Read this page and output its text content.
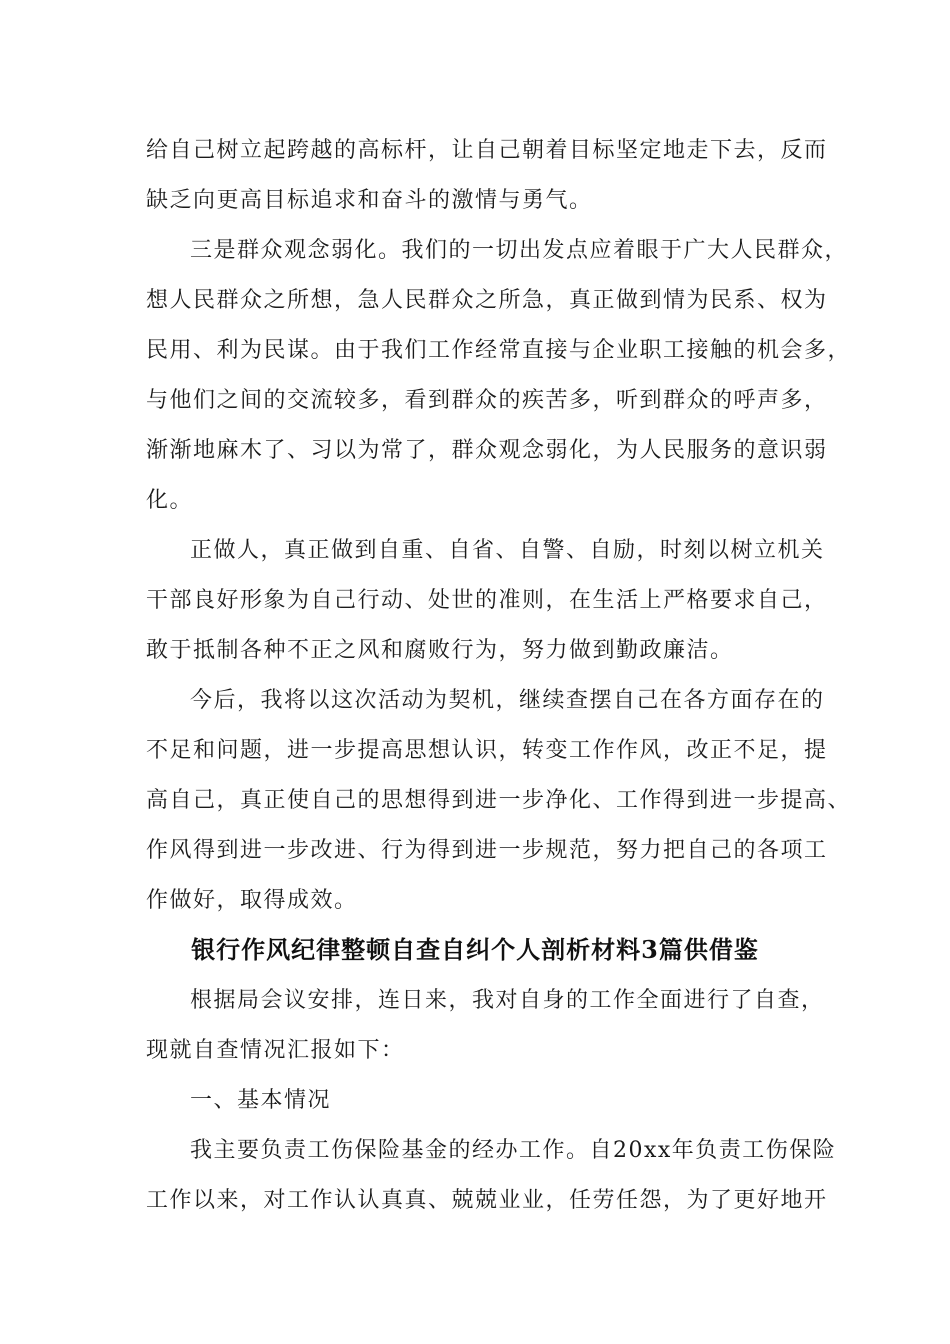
给自己树立起跨越的高标杆，让自己朝着目标坚定地走下去，反而
缺乏向更高目标追求和奋斗的激情与勇气。
三是群众观念弱化。我们的一切出发点应着眼于广大人民群众，
想人民群众之所想，急人民群众之所急，真正做到情为民系、权为
民用、利为民谋。由于我们工作经常直接与企业职工接触的机会多，
与他们之间的交流较多，看到群众的疾苦多，听到群众的呼声多，
渐渐地麻木了、习以为常了，群众观念弱化，为人民服务的意识弱
化。
正做人，真正做到自重、自省、自警、自励，时刻以树立机关
干部良好形象为自己行动、处世的准则，在生活上严格要求自己，
敢于抵制各种不正之风和腐败行为，努力做到勤政廉洁。
今后，我将以这次活动为契机，继续查摆自己在各方面存在的
不足和问题，进一步提高思想认识，转变工作作风，改正不足，提
高自己，真正使自己的思想得到进一步净化、工作得到进一步提高、
作风得到进一步改进、行为得到进一步规范，努力把自己的各项工
作做好，取得成效。
银行作风纪律整顿自查自纠个人剖析材料3篇供借鉴
根据局会议安排，连日来，我对自身的工作全面进行了自查，
现就自查情况汇报如下：
一、基本情况
我主要负责工伤保险基金的经办工作。自20xx年负责工伤保险
工作以来，对工作认认真真、兢兢业业，任劳任怨，为了更好地开
